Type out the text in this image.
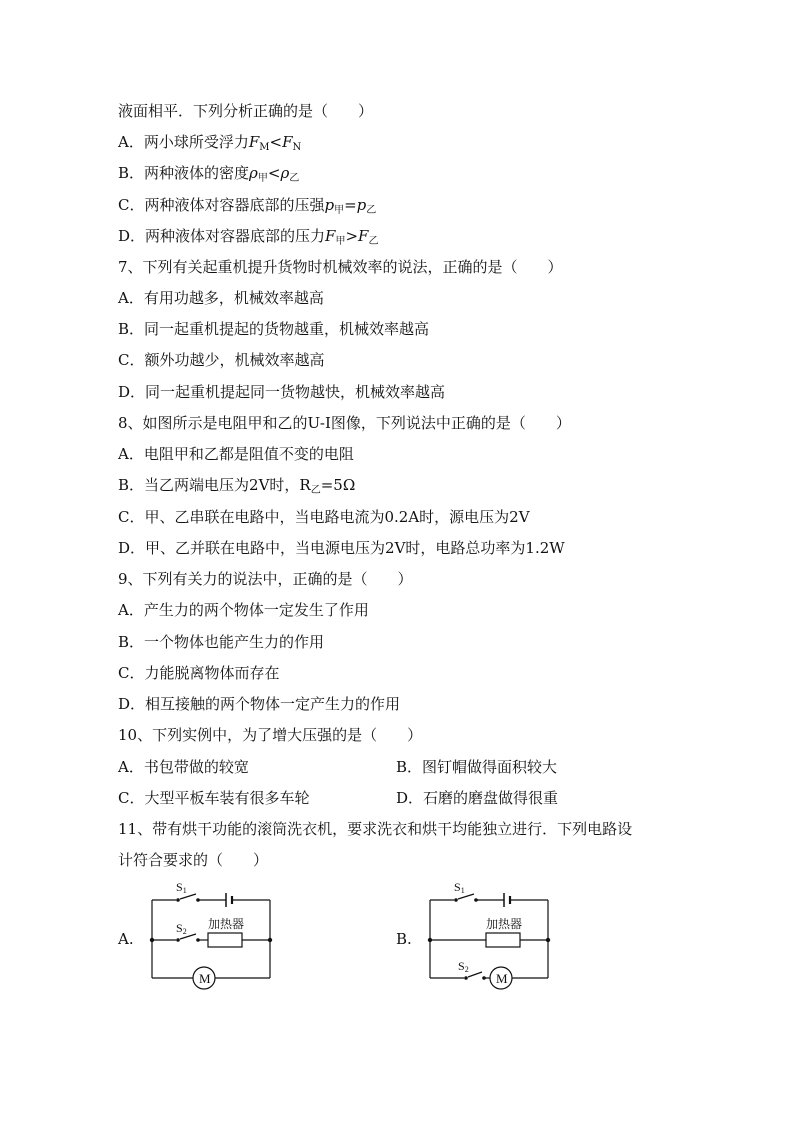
液面相平．下列分析正确的是（　　）
A．两小球所受浮力$F_M<F_N$
B．两种液体的密度$\rho_甲<\rho_乙$
C．两种液体对容器底部的压强$p_甲=p_乙$
D．两种液体对容器底部的压力$F_甲>F_乙$
7、下列有关起重机提升货物时机械效率的说法，正确的是（　　）
A．有用功越多，机械效率越高
B．同一起重机提起的货物越重，机械效率越高
C．额外功越少，机械效率越高
D．同一起重机提起同一货物越快，机械效率越高
8、如图所示是电阻甲和乙的U-I图像，下列说法中正确的是（　　）
A．电阻甲和乙都是阻值不变的电阻
B．当乙两端电压为2V时，$R_乙=5\Omega$
C．甲、乙串联在电路中，当电路电流为0.2A时，源电压为2V
D．甲、乙并联在电路中，当电源电压为2V时，电路总功率为1.2W
9、下列有关力的说法中，正确的是（　　）
A．产生力的两个物体一定发生了作用
B．一个物体也能产生力的作用
C．力能脱离物体而存在
D．相互接触的两个物体一定产生力的作用
10、下列实例中，为了增大压强的是（　　）
A．书包带做的较宽	B．图钉帽做得面积较大
C．大型平板车装有很多车轮	D．石磨的磨盘做得很重
11、带有烘干功能的滚筒洗衣机，要求洗衣和烘干均能独立进行．下列电路设
计符合要求的（　　）
A.
S1
S2
加热器
M
B.
S1
加热器
S2
M
